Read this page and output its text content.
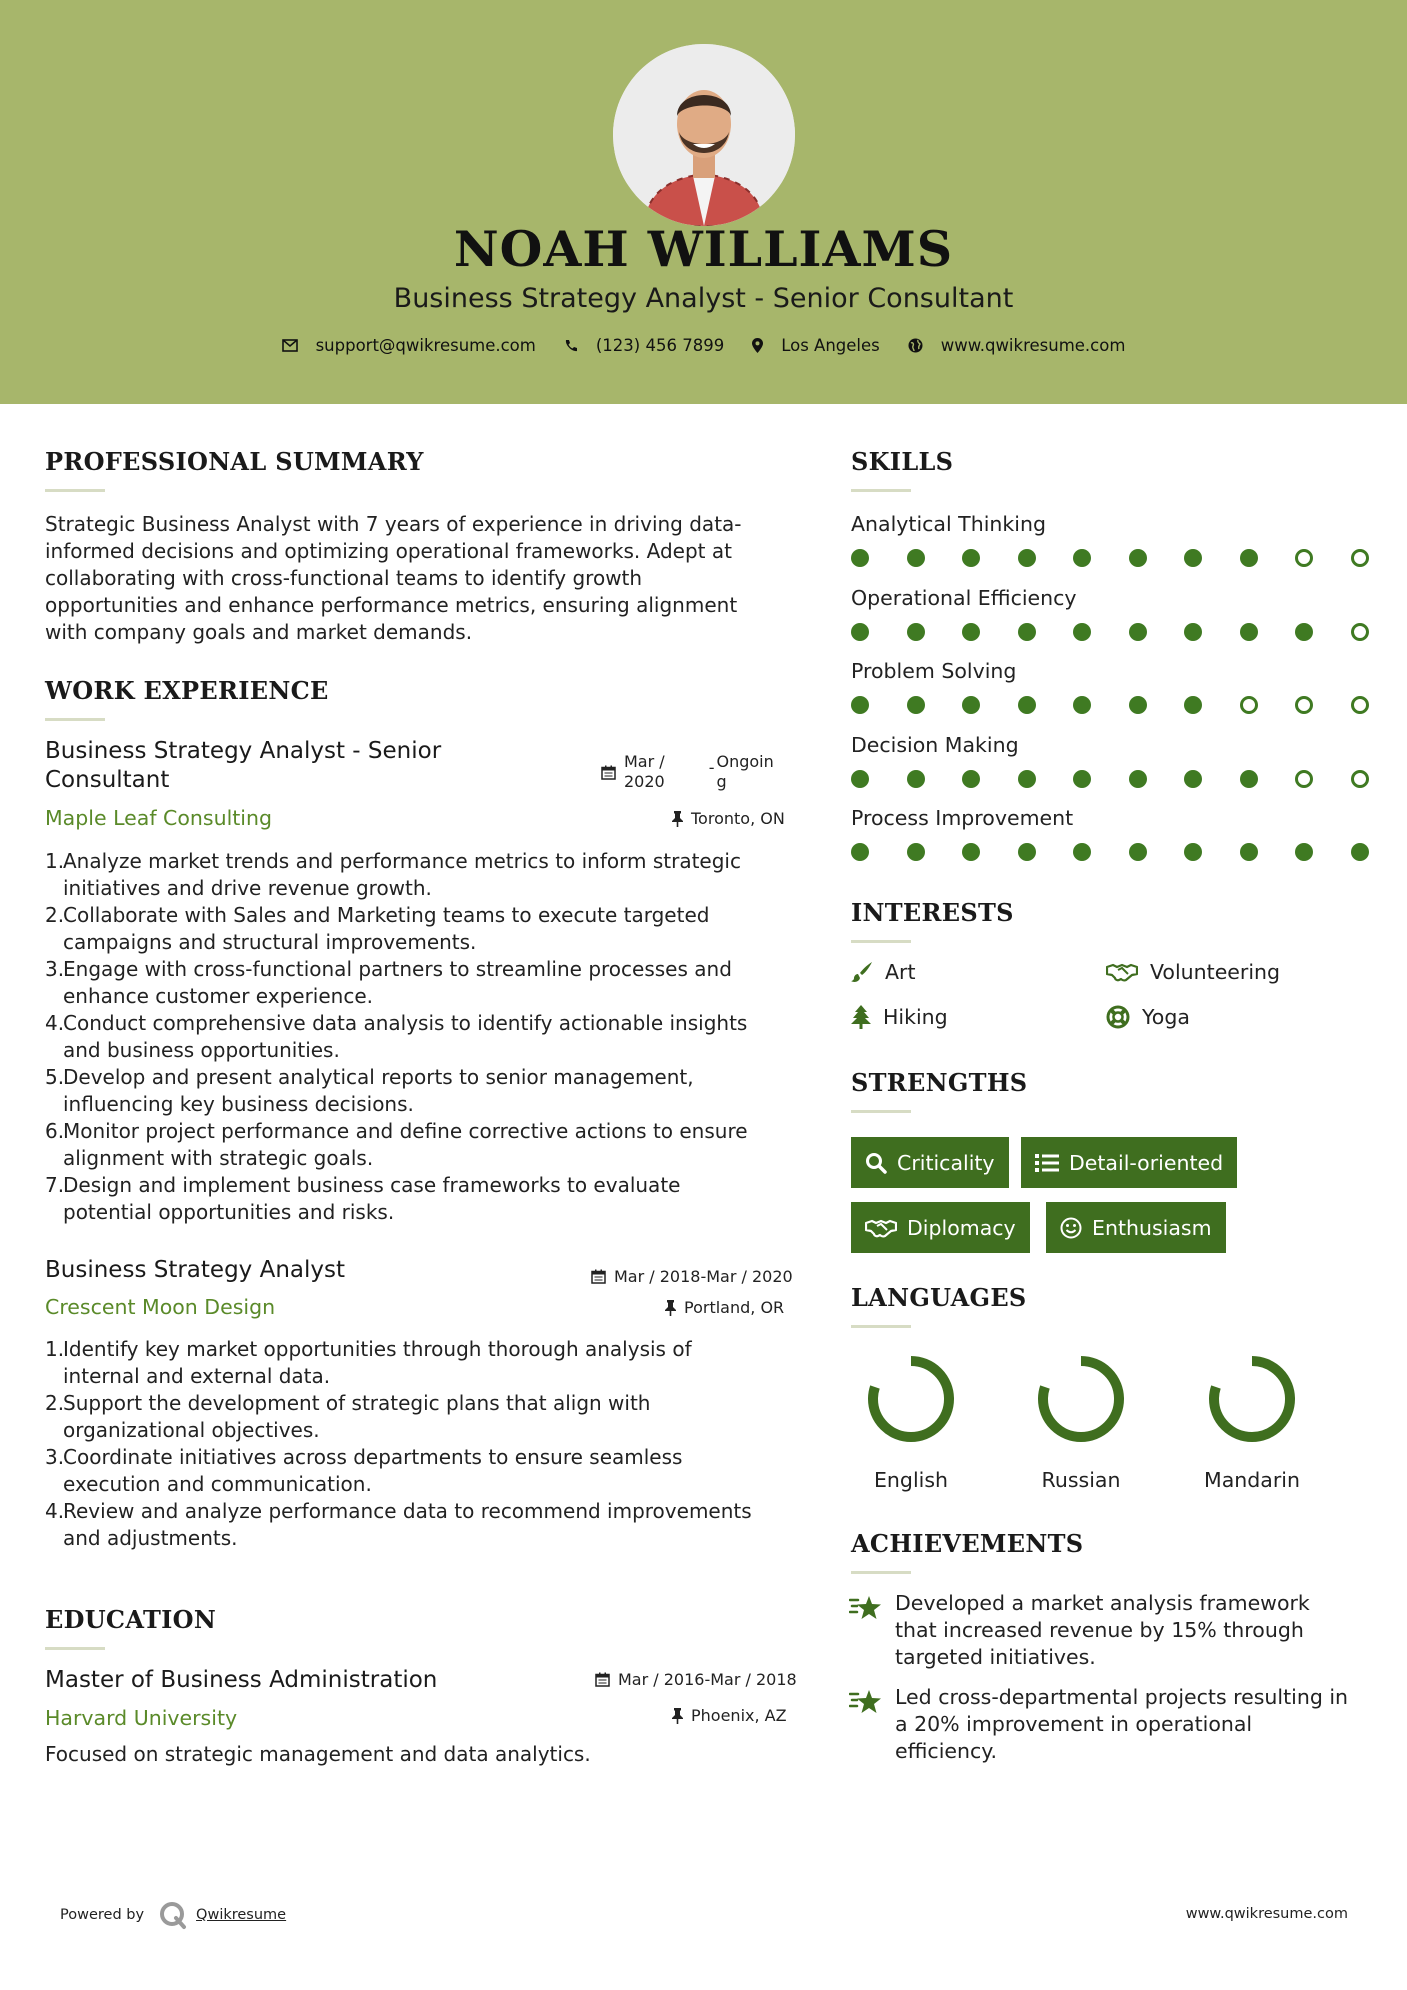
NOAH WILLIAMS
Business Strategy Analyst - Senior Consultant
support@qwikresume.com	(123) 456 7899	Los Angeles	www.qwikresume.com
PROFESSIONAL SUMMARY
Strategic Business Analyst with 7 years of experience in driving data-
informed decisions and optimizing operational frameworks. Adept at
collaborating with cross-functional teams to identify growth
opportunities and enhance performance metrics, ensuring alignment
with company goals and market demands.
WORK EXPERIENCE
Business Strategy Analyst - Senior
Consultant
Mar /
2020
- Ongoin
g
Maple Leaf Consulting	Toronto, ON
1.
Analyze market trends and performance metrics to inform strategic
initiatives and drive revenue growth.
2.
Collaborate with Sales and Marketing teams to execute targeted
campaigns and structural improvements.
3.
Engage with cross-functional partners to streamline processes and
enhance customer experience.
4.
Conduct comprehensive data analysis to identify actionable insights
and business opportunities.
5.
Develop and present analytical reports to senior management,
influencing key business decisions.
6.
Monitor project performance and define corrective actions to ensure
alignment with strategic goals.
7.
Design and implement business case frameworks to evaluate
potential opportunities and risks.
Business Strategy Analyst	Mar / 2018-Mar / 2020
Crescent Moon Design	Portland, OR
1.
Identify key market opportunities through thorough analysis of
internal and external data.
2.
Support the development of strategic plans that align with
organizational objectives.
3.
Coordinate initiatives across departments to ensure seamless
execution and communication.
4.
Review and analyze performance data to recommend improvements
and adjustments.
EDUCATION
Master of Business Administration	Mar / 2016-Mar / 2018
Harvard University	Phoenix, AZ
Focused on strategic management and data analytics.
SKILLS
Analytical Thinking
Operational Efficiency
Problem Solving
Decision Making
Process Improvement
INTERESTS
Art	Volunteering
Hiking	Yoga
STRENGTHS
Criticality	Detail-oriented
Diplomacy	Enthusiasm
LANGUAGES
English	Russian	Mandarin
ACHIEVEMENTS
Developed a market analysis framework
that increased revenue by 15% through
targeted initiatives.
Led cross-departmental projects resulting in
a 20% improvement in operational
efficiency.
Powered by	Qwikresume	www.qwikresume.com
